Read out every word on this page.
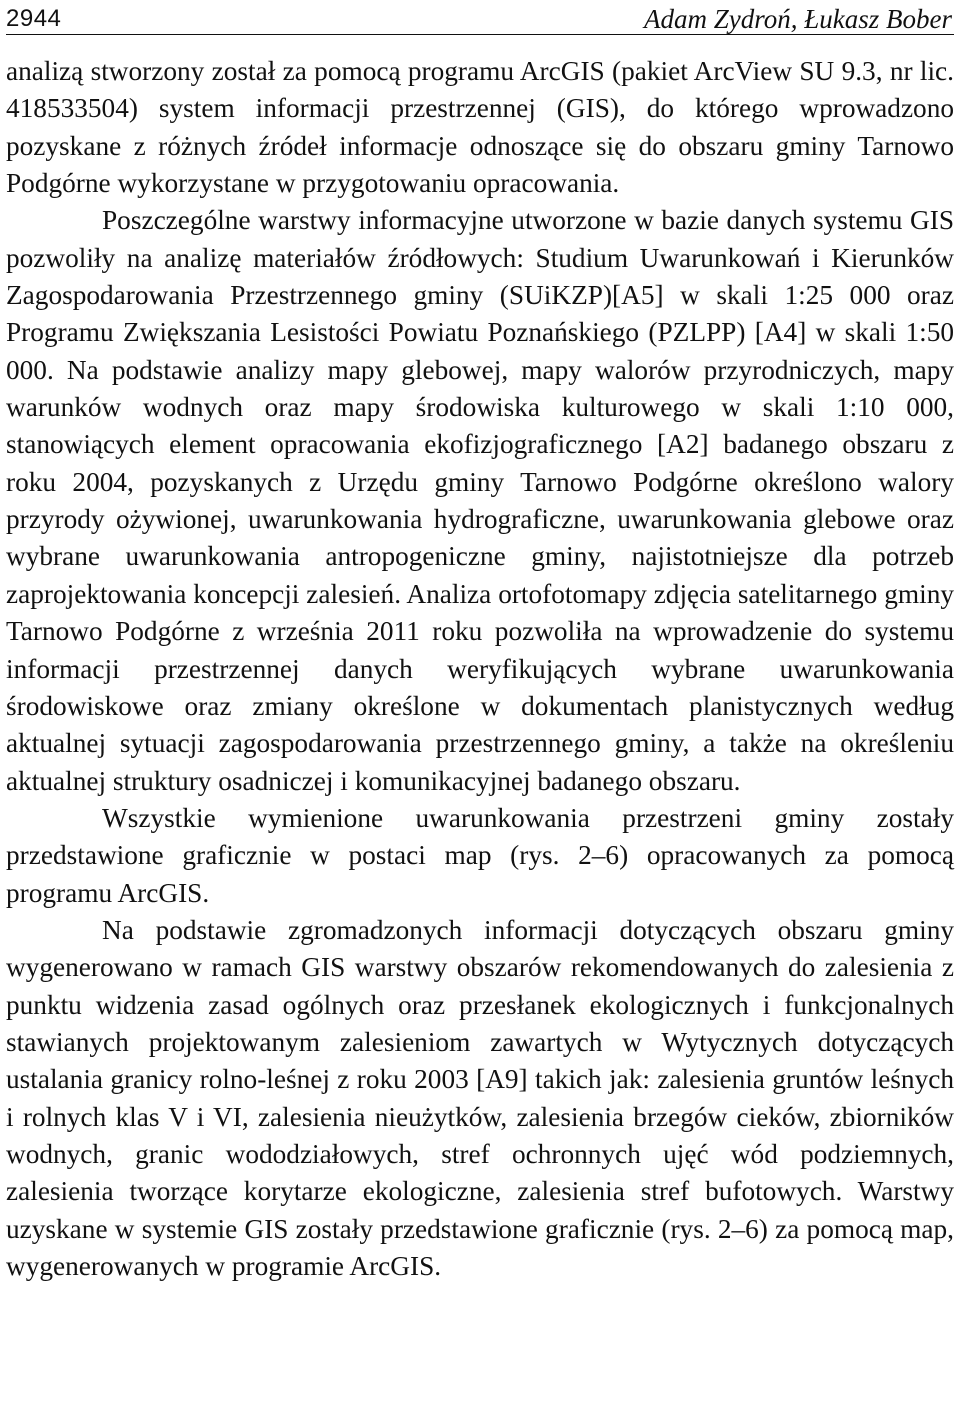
2944	Adam Zydroń, Łukasz Bober

analizą stworzony został za pomocą programu ArcGIS (pakiet ArcView SU 9.3, nr lic. 418533504) system informacji przestrzennej (GIS), do którego wprowadzono pozyskane z różnych źródeł informacje odnoszące się do obszaru gminy Tarnowo Podgórne wykorzystane w przygotowaniu opracowania.

Poszczególne warstwy informacyjne utworzone w bazie danych systemu GIS pozwoliły na analizę materiałów źródłowych: Studium Uwarunkowań i Kierunków Zagospodarowania Przestrzennego gminy (SUiKZP)[A5] w skali 1:25 000 oraz Programu Zwiększania Lesistości Powiatu Poznańskiego (PZLPP) [A4] w skali 1:50 000. Na podstawie analizy mapy glebowej, mapy walorów przyrodniczych, mapy warunków wodnych oraz mapy środowiska kulturowego w skali 1:10 000, stanowiących element opracowania ekofizjograficznego [A2] badanego obszaru z roku 2004, pozyskanych z Urzędu gminy Tarnowo Podgórne określono walory przyrody ożywionej, uwarunkowania hydrograficzne, uwarunkowania glebowe oraz wybrane uwarunkowania antropogeniczne gminy, najistotniejsze dla potrzeb zaprojektowania koncepcji zalesień. Analiza ortofotomapy zdjęcia satelitarnego gminy Tarnowo Podgórne z września 2011 roku pozwoliła na wprowadzenie do systemu informacji przestrzennej danych weryfikujących wybrane uwarunkowania środowiskowe oraz zmiany określone w dokumentach planistycznych według aktualnej sytuacji zagospodarowania przestrzennego gminy, a także na określeniu aktualnej struktury osadniczej i komunikacyjnej badanego obszaru.

Wszystkie wymienione uwarunkowania przestrzeni gminy zostały przedstawione graficznie w postaci map (rys. 2–6) opracowanych za pomocą programu ArcGIS.

Na podstawie zgromadzonych informacji dotyczących obszaru gminy wygenerowano w ramach GIS warstwy obszarów rekomendowanych do zalesienia z punktu widzenia zasad ogólnych oraz przesłanek ekologicznych i funkcjonalnych stawianych projektowanym zalesieniom zawartych w Wytycznych dotyczących ustalania granicy rolno-leśnej z roku 2003 [A9] takich jak: zalesienia gruntów leśnych i rolnych klas V i VI, zalesienia nieużytków, zalesienia brzegów cieków, zbiorników wodnych, granic wododziałowych, stref ochronnych ujęć wód podziemnych, zalesienia tworzące korytarze ekologiczne, zalesienia stref bufotowych. Warstwy uzyskane w systemie GIS zostały przedstawione graficznie (rys. 2–6) za pomocą map, wygenerowanych w programie ArcGIS.
